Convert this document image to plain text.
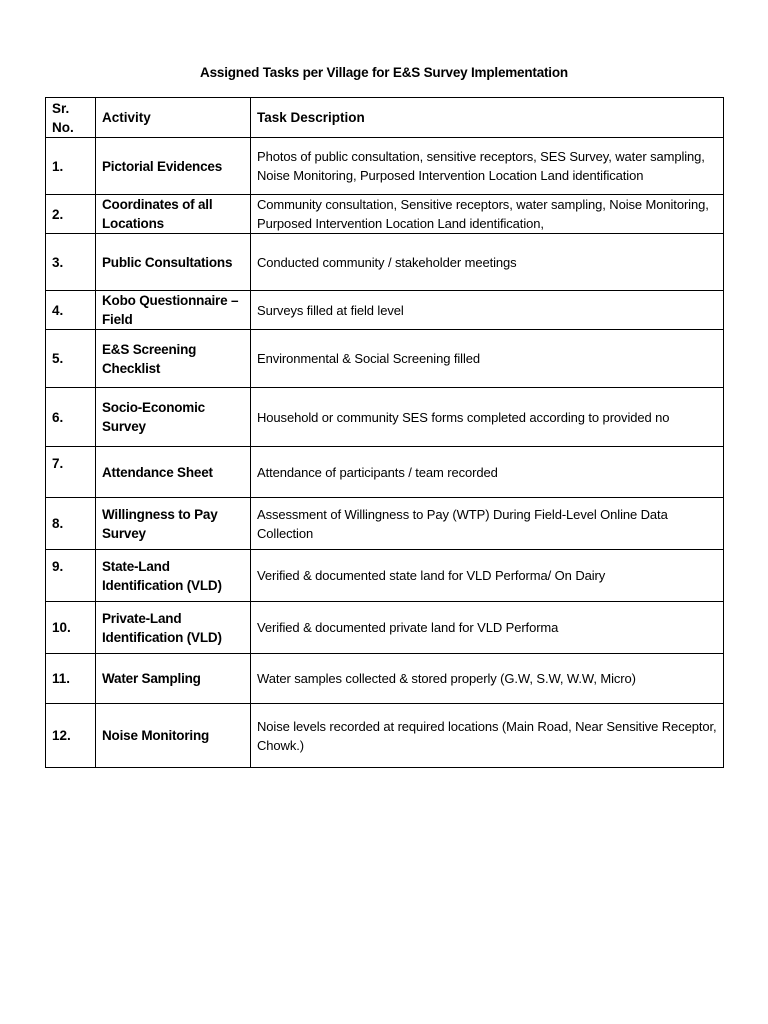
Assigned Tasks per Village for E&S Survey Implementation
Sr. No.	Activity	Task Description
1.	Pictorial Evidences	Photos of public consultation, sensitive receptors, SES Survey, water sampling, Noise Monitoring, Purposed Intervention Location Land identification
2.	Coordinates of all Locations	Community consultation, Sensitive receptors, water sampling, Noise Monitoring, Purposed Intervention Location Land identification,
3.	Public Consultations	Conducted community / stakeholder meetings
4.	Kobo Questionnaire – Field	Surveys filled at field level
5.	E&S Screening Checklist	Environmental & Social Screening filled
6.	Socio-Economic Survey	Household or community SES forms completed according to provided no
7.	Attendance Sheet	Attendance of participants / team recorded
8.	Willingness to Pay Survey	Assessment of Willingness to Pay (WTP) During Field-Level Online Data Collection
9.	State-Land Identification (VLD)	Verified & documented state land for VLD Performa/ On Dairy
10.	Private-Land Identification (VLD)	Verified & documented private land for VLD Performa
11.	Water Sampling	Water samples collected & stored properly (G.W, S.W, W.W, Micro)
12.	Noise Monitoring	Noise levels recorded at required locations (Main Road, Near Sensitive Receptor, Chowk.)
